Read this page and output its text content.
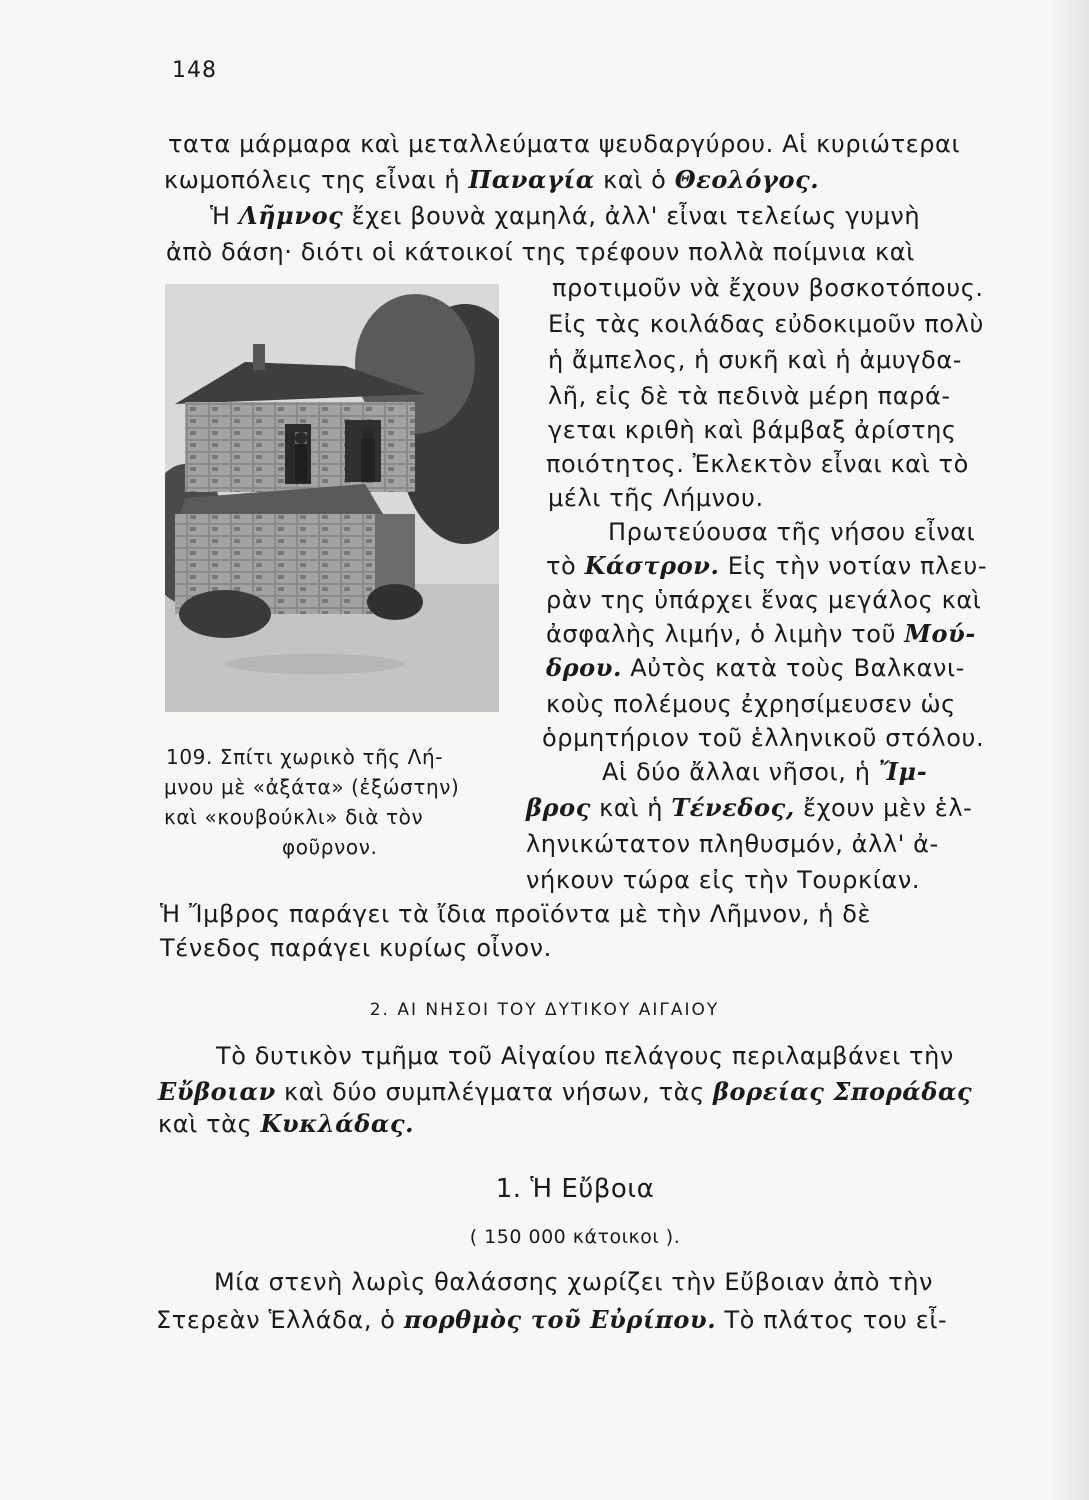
148
τατα μάρμαρα καὶ μεταλλεύματα ψευδαργύρου. Αἱ κυριώτεραι
κωμοπόλεις της εἶναι ἡ Παναγία καὶ ὁ Θεολόγος.
Ἡ Λῆμνος ἔχει βουνὰ χαμηλά, ἀλλ' εἶναι τελείως γυμνὴ
ἀπὸ δάση· διότι οἱ κάτοικοί της τρέφουν πολλὰ ποίμνια καὶ
προτιμοῦν νὰ ἔχουν βοσκοτόπους.
Εἰς τὰς κοιλάδας εὐδοκιμοῦν πολὺ
ἡ ἄμπελος, ἡ συκῆ καὶ ἡ ἀμυγδα-
λῆ, εἰς δὲ τὰ πεδινὰ μέρη παρά-
γεται κριθὴ καὶ βάμβαξ ἀρίστης
ποιότητος. Ἐκλεκτὸν εἶναι καὶ τὸ
μέλι τῆς Λήμνου.
Πρωτεύουσα τῆς νήσου εἶναι
τὸ Κάστρον. Εἰς τὴν νοτίαν πλευ-
ρὰν της ὑπάρχει ἕνας μεγάλος καὶ
ἀσφαλὴς λιμήν, ὁ λιμὴν τοῦ Μού-
δρου. Αὐτὸς κατὰ τοὺς Βαλκανι-
κοὺς πολέμους ἐχρησίμευσεν ὡς
ὁρμητήριον τοῦ ἑλληνικοῦ στόλου.
Αἱ δύο ἄλλαι νῆσοι, ἡ Ἴμ-
βρος καὶ ἡ Τένεδος, ἔχουν μὲν ἑλ-
ληνικώτατον πληθυσμόν, ἀλλ' ἀ-
νήκουν τώρα εἰς τὴν Τουρκίαν.
Ἡ Ἴμβρος παράγει τὰ ἴδια προϊόντα μὲ τὴν Λῆμνον, ἡ δὲ
Τένεδος παράγει κυρίως οἶνον.
109. Σπίτι χωρικὸ τῆς Λή-
μνου μὲ «ἀξάτα» (ἐξώστην)
καὶ «κουβούκλι» διὰ τὸν
φοῦρνον.
2. ΑΙ ΝΗΣΟΙ ΤΟΥ ΔΥΤΙΚΟΥ ΑΙΓΑΙΟΥ
Τὸ δυτικὸν τμῆμα τοῦ Αἰγαίου πελάγους περιλαμβάνει τὴν
Εὔβοιαν καὶ δύο συμπλέγματα νήσων, τὰς βορείας Σποράδας
καὶ τὰς Κυκλάδας.
1. Ἡ Εὔβοια
( 150 000 κάτοικοι ).
Μία στενὴ λωρὶς θαλάσσης χωρίζει τὴν Εὔβοιαν ἀπὸ τὴν
Στερεὰν Ἑλλάδα, ὁ πορθμὸς τοῦ Εὐρίπου. Τὸ πλάτος του εἶ-
